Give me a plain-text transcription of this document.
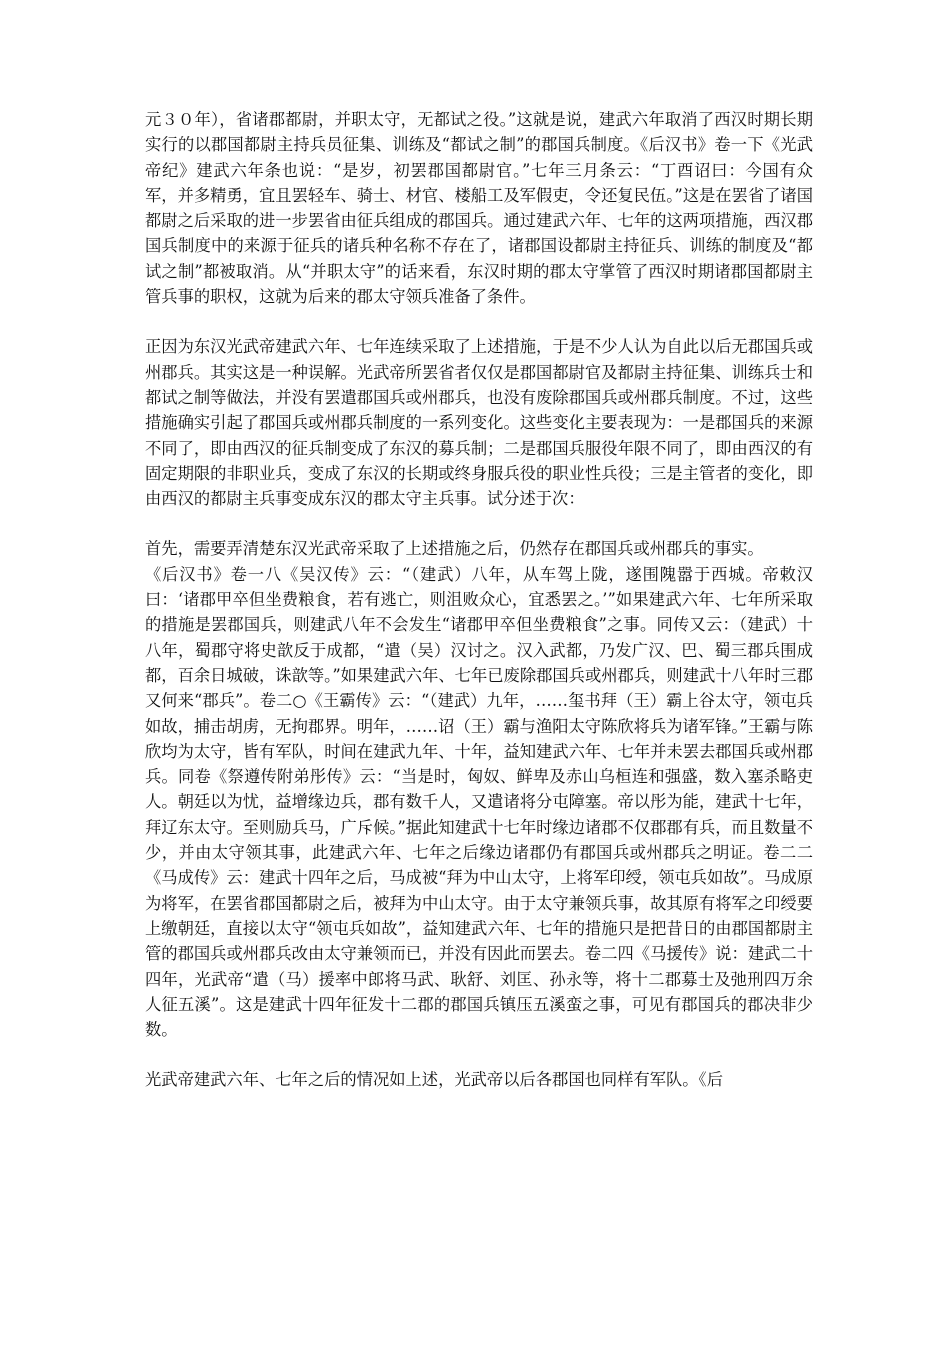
元３０年），省诸郡都尉，并职太守，无都试之役。”这就是说，建武六年取消了西汉时期长期实行的以郡国都尉主持兵员征集、训练及“都试之制”的郡国兵制度。《后汉书》卷一下《光武帝纪》建武六年条也说：“是岁，初罢郡国都尉官。”七年三月条云：“丁酉诏曰：今国有众军，并多精勇，宜且罢轻车、骑士、材官、楼船工及军假吏，令还复民伍。”这是在罢省了诸国都尉之后采取的进一步罢省由征兵组成的郡国兵。通过建武六年、七年的这两项措施，西汉郡国兵制度中的来源于征兵的诸兵种名称不存在了，诸郡国设都尉主持征兵、训练的制度及“都试之制”都被取消。从“并职太守”的话来看，东汉时期的郡太守掌管了西汉时期诸郡国都尉主管兵事的职权，这就为后来的郡太守领兵准备了条件。

正因为东汉光武帝建武六年、七年连续采取了上述措施，于是不少人认为自此以后无郡国兵或州郡兵。其实这是一种误解。光武帝所罢省者仅仅是郡国都尉官及都尉主持征集、训练兵士和都试之制等做法，并没有罢遣郡国兵或州郡兵，也没有废除郡国兵或州郡兵制度。不过，这些措施确实引起了郡国兵或州郡兵制度的一系列变化。这些变化主要表现为：一是郡国兵的来源不同了，即由西汉的征兵制变成了东汉的募兵制；二是郡国兵服役年限不同了，即由西汉的有固定期限的非职业兵，变成了东汉的长期或终身服兵役的职业性兵役；三是主管者的变化，即由西汉的都尉主兵事变成东汉的郡太守主兵事。试分述于次：

首先，需要弄清楚东汉光武帝采取了上述措施之后，仍然存在郡国兵或州郡兵的事实。

《后汉书》卷一八《吴汉传》云：“（建武）八年，从车驾上陇，遂围隗嚣于西城。帝敕汉曰：‘诸郡甲卒但坐费粮食，若有逃亡，则沮败众心，宜悉罢之。’”如果建武六年、七年所采取的措施是罢郡国兵，则建武八年不会发生“诸郡甲卒但坐费粮食”之事。同传又云：（建武）十八年，蜀郡守将史歆反于成都，“遣（吴）汉讨之。汉入武都，乃发广汉、巴、蜀三郡兵围成都，百余日城破，诛歆等。”如果建武六年、七年已废除郡国兵或州郡兵，则建武十八年时三郡又何来“郡兵”。卷二○《王霸传》云：“（建武）九年，……玺书拜（王）霸上谷太守，领屯兵如故，捕击胡虏，无拘郡界。明年，……诏（王）霸与渔阳太守陈欣将兵为诸军锋。”王霸与陈欣均为太守，皆有军队，时间在建武九年、十年，益知建武六年、七年并未罢去郡国兵或州郡兵。同卷《祭遵传附弟彤传》云：“当是时，匈奴、鲜卑及赤山乌桓连和强盛，数入塞杀略吏人。朝廷以为忧，益增缘边兵，郡有数千人，又遣诸将分屯障塞。帝以彤为能，建武十七年，拜辽东太守。至则励兵马，广斥候。”据此知建武十七年时缘边诸郡不仅郡郡有兵，而且数量不少，并由太守领其事，此建武六年、七年之后缘边诸郡仍有郡国兵或州郡兵之明证。卷二二《马成传》云：建武十四年之后，马成被“拜为中山太守，上将军印绶，领屯兵如故”。马成原为将军，在罢省郡国都尉之后，被拜为中山太守。由于太守兼领兵事，故其原有将军之印绶要上缴朝廷，直接以太守“领屯兵如故”，益知建武六年、七年的措施只是把昔日的由郡国都尉主管的郡国兵或州郡兵改由太守兼领而已，并没有因此而罢去。卷二四《马援传》说：建武二十四年，光武帝“遣（马）援率中郎将马武、耿舒、刘匡、孙永等，将十二郡募士及弛刑四万余人征五溪”。这是建武十四年征发十二郡的郡国兵镇压五溪蛮之事，可见有郡国兵的郡决非少数。

光武帝建武六年、七年之后的情况如上述，光武帝以后各郡国也同样有军队。《后
